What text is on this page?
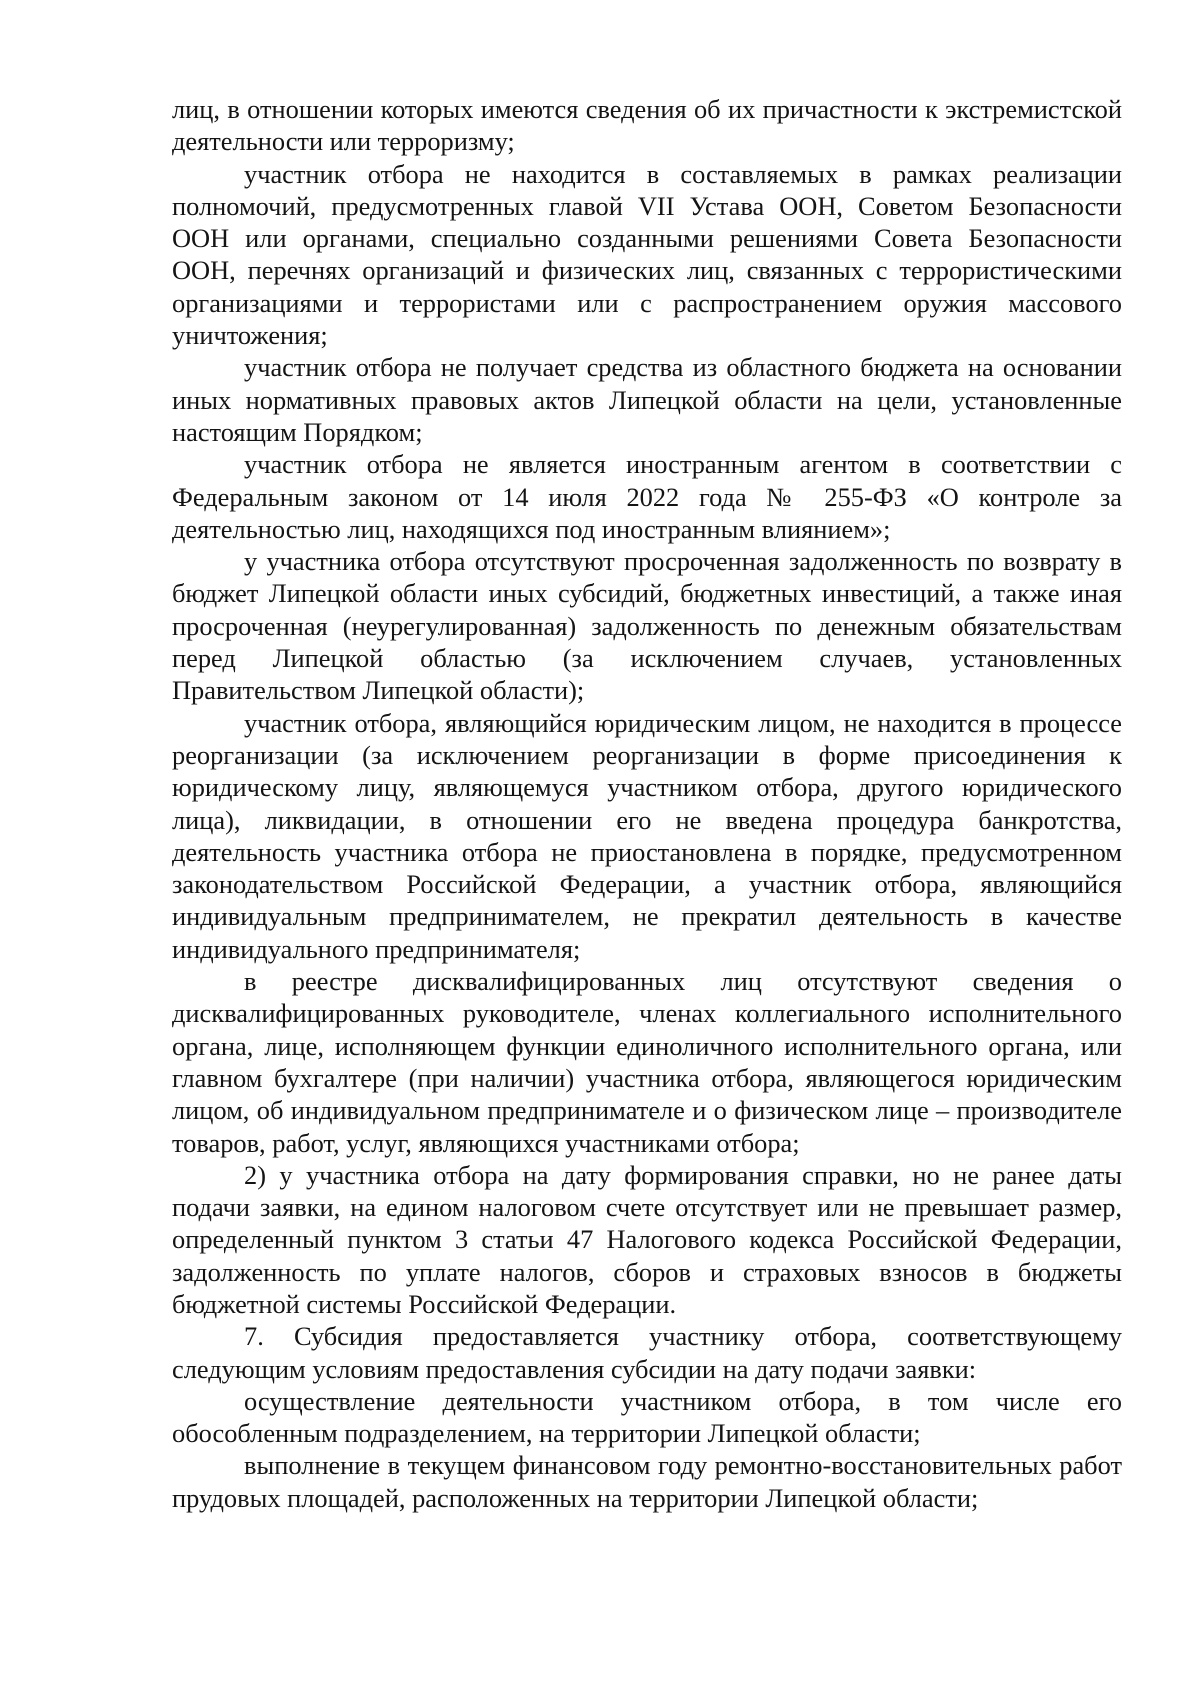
лиц, в отношении которых имеются сведения об их причастности к экстремистской деятельности или терроризму;

участник отбора не находится в составляемых в рамках реализации полномочий, предусмотренных главой VII Устава ООН, Советом Безопасности ООН или органами, специально созданными решениями Совета Безопасности ООН, перечнях организаций и физических лиц, связанных с террористическими организациями и террористами или с распространением оружия массового уничтожения;

участник отбора не получает средства из областного бюджета на основании иных нормативных правовых актов Липецкой области на цели, установленные настоящим Порядком;

участник отбора не является иностранным агентом в соответствии с Федеральным законом от 14 июля 2022 года № 255-ФЗ «О контроле за деятельностью лиц, находящихся под иностранным влиянием»;

у участника отбора отсутствуют просроченная задолженность по возврату в бюджет Липецкой области иных субсидий, бюджетных инвестиций, а также иная просроченная (неурегулированная) задолженность по денежным обязательствам перед Липецкой областью (за исключением случаев, установленных Правительством Липецкой области);

участник отбора, являющийся юридическим лицом, не находится в процессе реорганизации (за исключением реорганизации в форме присоединения к юридическому лицу, являющемуся участником отбора, другого юридического лица), ликвидации, в отношении его не введена процедура банкротства, деятельность участника отбора не приостановлена в порядке, предусмотренном законодательством Российской Федерации, а участник отбора, являющийся индивидуальным предпринимателем, не прекратил деятельность в качестве индивидуального предпринимателя;

в реестре дисквалифицированных лиц отсутствуют сведения о дисквалифицированных руководителе, членах коллегиального исполнительного органа, лице, исполняющем функции единоличного исполнительного органа, или главном бухгалтере (при наличии) участника отбора, являющегося юридическим лицом, об индивидуальном предпринимателе и о физическом лице – производителе товаров, работ, услуг, являющихся участниками отбора;

2) у участника отбора на дату формирования справки, но не ранее даты подачи заявки, на едином налоговом счете отсутствует или не превышает размер, определенный пунктом 3 статьи 47 Налогового кодекса Российской Федерации, задолженность по уплате налогов, сборов и страховых взносов в бюджеты бюджетной системы Российской Федерации.

7. Субсидия предоставляется участнику отбора, соответствующему следующим условиям предоставления субсидии на дату подачи заявки:

осуществление деятельности участником отбора, в том числе его обособленным подразделением, на территории Липецкой области;

выполнение в текущем финансовом году ремонтно-восстановительных работ прудовых площадей, расположенных на территории Липецкой области;
